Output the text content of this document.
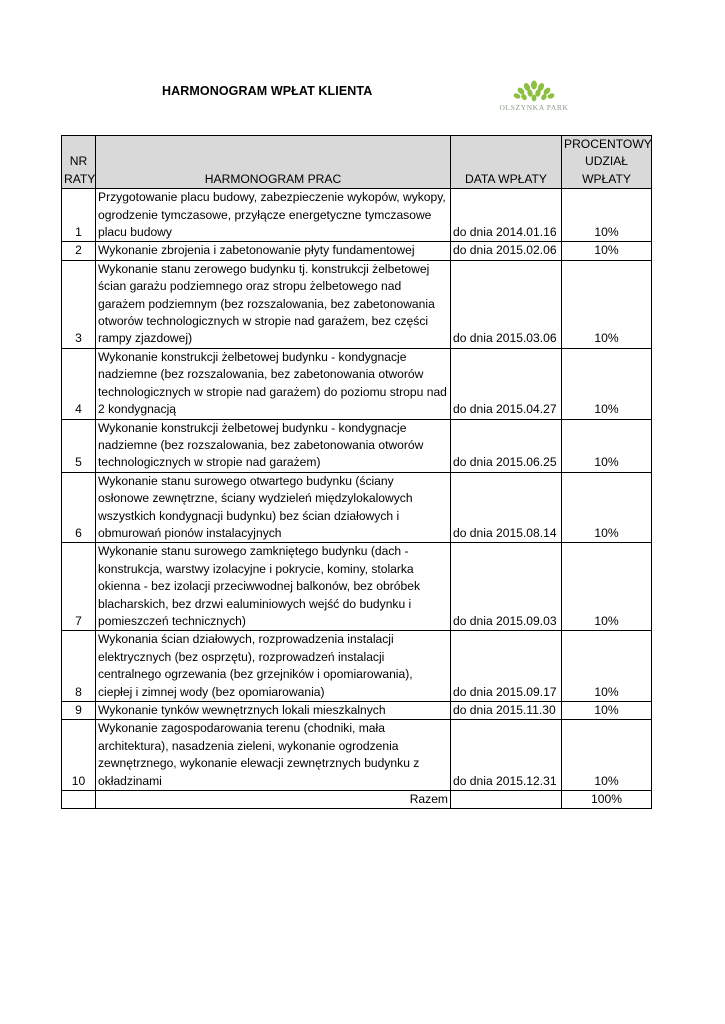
HARMONOGRAM WPŁAT KLIENTA
OLSZYNKA PARK
NR RATY	HARMONOGRAM PRAC	DATA WPŁATY	PROCENTOWY UDZIAŁ WPŁATY
1	Przygotowanie placu budowy, zabezpieczenie wykopów, wykopy, ogrodzenie tymczasowe, przyłącze energetyczne tymczasowe placu budowy	do dnia 2014.01.16	10%
2	Wykonanie zbrojenia i zabetonowanie płyty fundamentowej	do dnia 2015.02.06	10%
3	Wykonanie stanu zerowego budynku tj. konstrukcji żelbetowej ścian garażu podziemnego oraz stropu żelbetowego nad garażem podziemnym (bez rozszalowania, bez zabetonowania otworów technologicznych w stropie nad garażem, bez części rampy zjazdowej)	do dnia 2015.03.06	10%
4	Wykonanie konstrukcji żelbetowej budynku - kondygnacje nadziemne (bez rozszalowania, bez zabetonowania otworów technologicznych w stropie nad garażem) do poziomu stropu nad 2 kondygnacją	do dnia 2015.04.27	10%
5	Wykonanie konstrukcji żelbetowej budynku - kondygnacje nadziemne (bez rozszalowania, bez zabetonowania otworów technologicznych w stropie nad garażem)	do dnia 2015.06.25	10%
6	Wykonanie stanu surowego otwartego budynku (ściany osłonowe zewnętrzne, ściany wydzieleń międzylokalowych wszystkich kondygnacji budynku) bez ścian działowych i obmurowań pionów instalacyjnych	do dnia 2015.08.14	10%
7	Wykonanie stanu surowego zamkniętego budynku (dach - konstrukcja, warstwy izolacyjne i pokrycie, kominy, stolarka okienna - bez izolacji przeciwwodnej balkonów, bez obróbek blacharskich, bez drzwi ealuminiowych wejść do budynku i pomieszczeń technicznych)	do dnia 2015.09.03	10%
8	Wykonania ścian działowych, rozprowadzenia instalacji elektrycznych (bez osprzętu), rozprowadzeń instalacji centralnego ogrzewania (bez grzejników i opomiarowania), ciepłej i zimnej wody (bez opomiarowania)	do dnia 2015.09.17	10%
9	Wykonanie tynków wewnętrznych lokali mieszkalnych	do dnia 2015.11.30	10%
10	Wykonanie zagospodarowania terenu (chodniki, mała architektura), nasadzenia zieleni, wykonanie ogrodzenia zewnętrznego, wykonanie elewacji zewnętrznych budynku z okładzinami	do dnia 2015.12.31	10%
	Razem		100%
